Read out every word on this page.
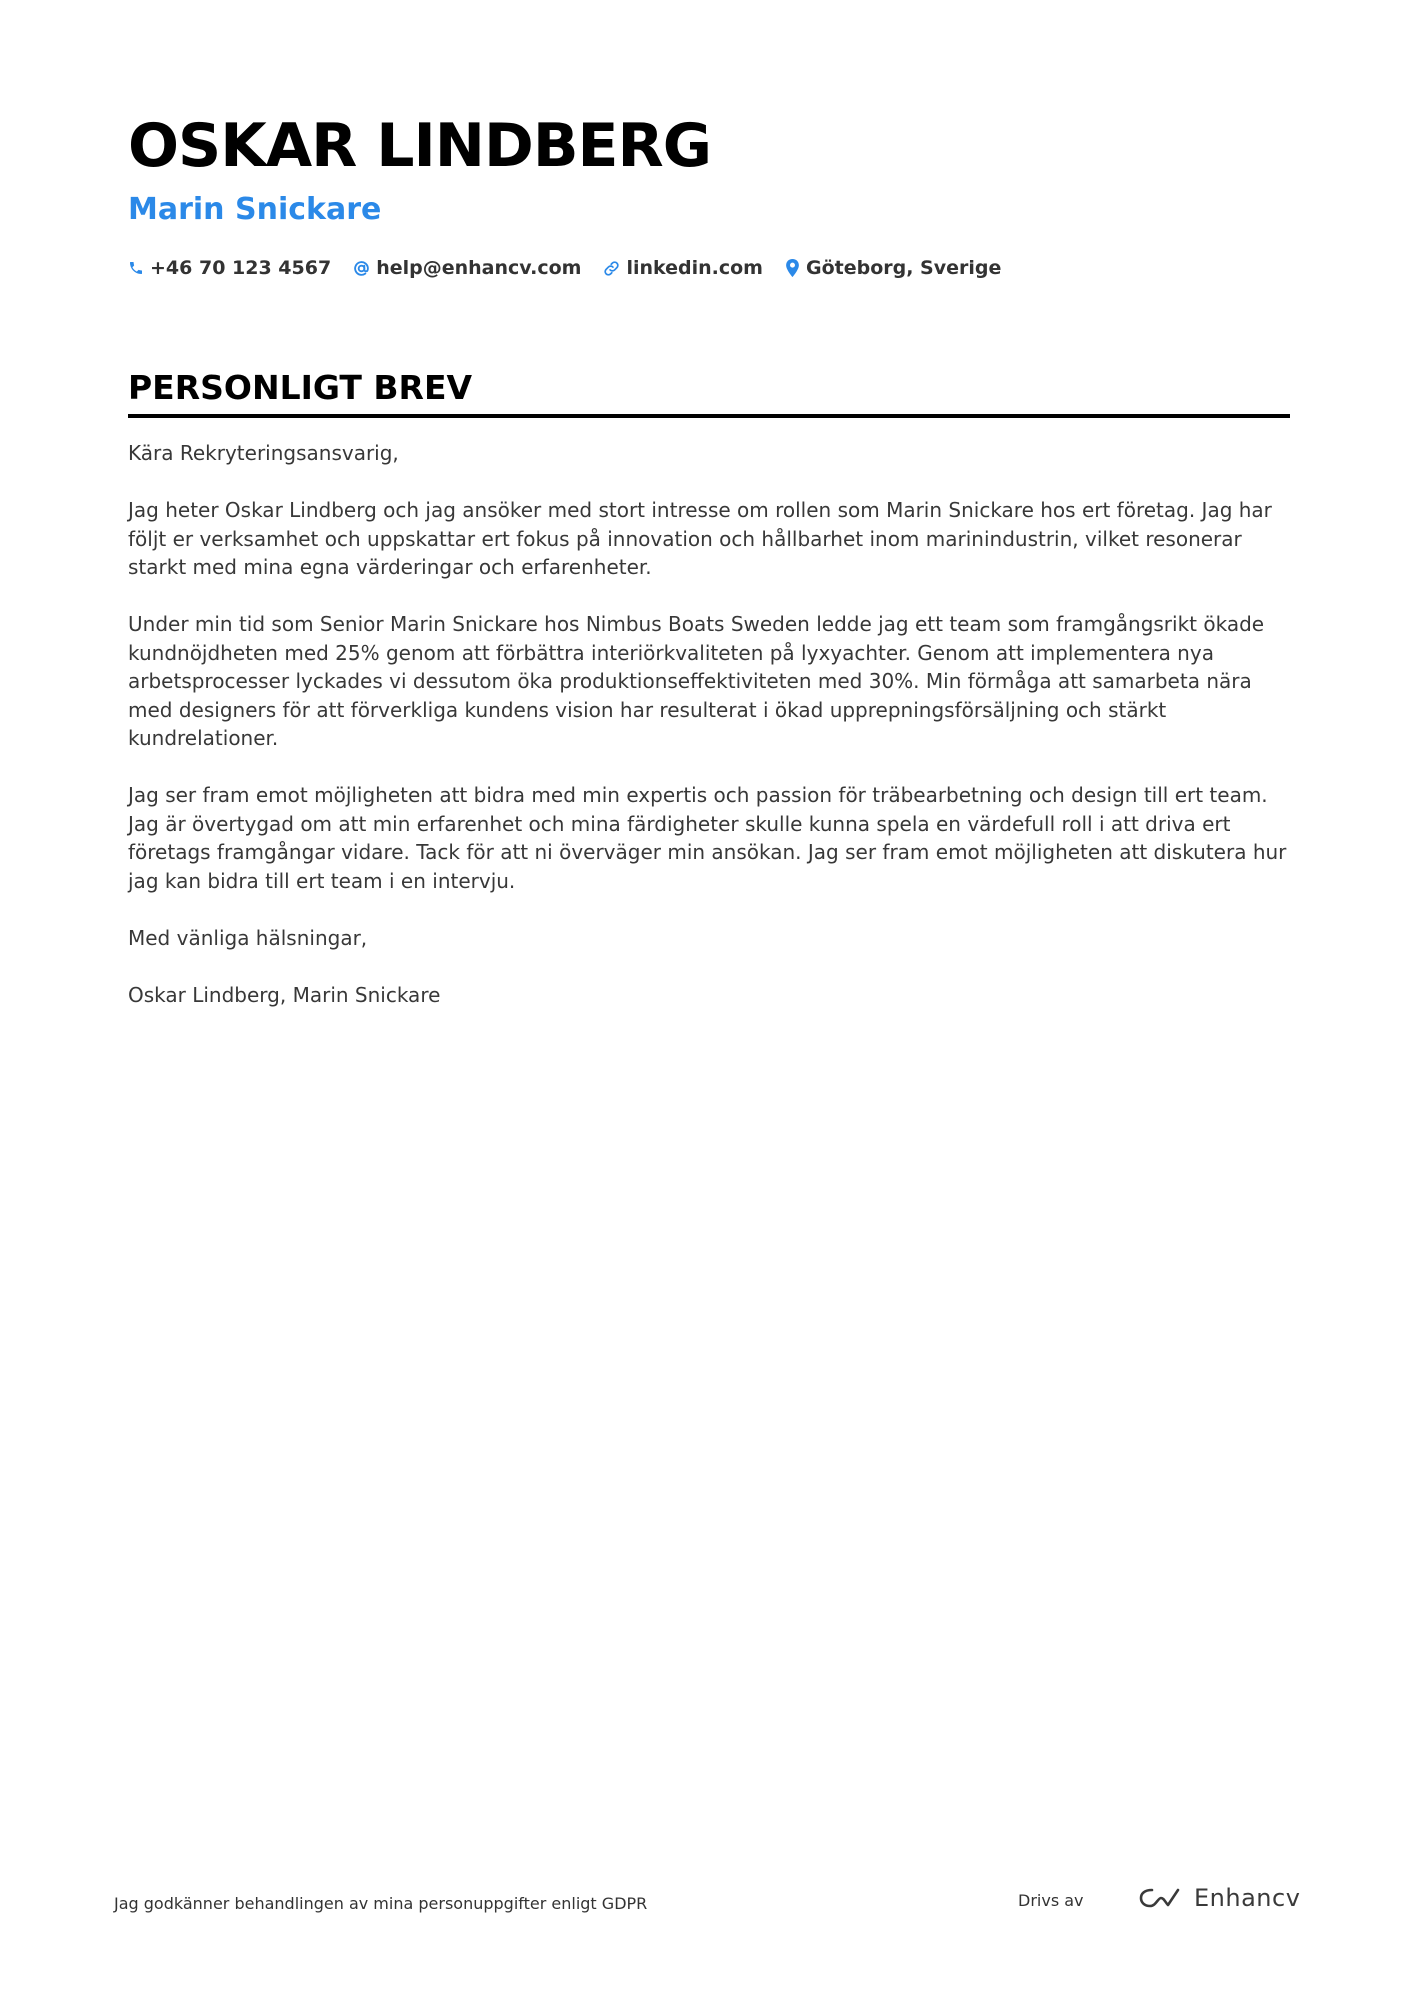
OSKAR LINDBERG
Marin Snickare
+46 70 123 4567 help@enhancv.com linkedin.com Göteborg, Sverige
PERSONLIGT BREV

Kära Rekryteringsansvarig,

Jag heter Oskar Lindberg och jag ansöker med stort intresse om rollen som Marin Snickare hos ert företag. Jag har följt er verksamhet och uppskattar ert fokus på innovation och hållbarhet inom marinindustrin, vilket resonerar starkt med mina egna värderingar och erfarenheter.

Under min tid som Senior Marin Snickare hos Nimbus Boats Sweden ledde jag ett team som framgångsrikt ökade kundnöjdheten med 25% genom att förbättra interiörkvaliteten på lyxyachter. Genom att implementera nya arbetsprocesser lyckades vi dessutom öka produktionseffektiviteten med 30%. Min förmåga att samarbeta nära med designers för att förverkliga kundens vision har resulterat i ökad upprepningsförsäljning och stärkt kundrelationer.

Jag ser fram emot möjligheten att bidra med min expertis och passion för träbearbetning och design till ert team. Jag är övertygad om att min erfarenhet och mina färdigheter skulle kunna spela en värdefull roll i att driva ert företags framgångar vidare. Tack för att ni överväger min ansökan. Jag ser fram emot möjligheten att diskutera hur jag kan bidra till ert team i en intervju.

Med vänliga hälsningar,

Oskar Lindberg, Marin Snickare

Jag godkänner behandlingen av mina personuppgifter enligt GDPR	Drivs av	Enhancv
